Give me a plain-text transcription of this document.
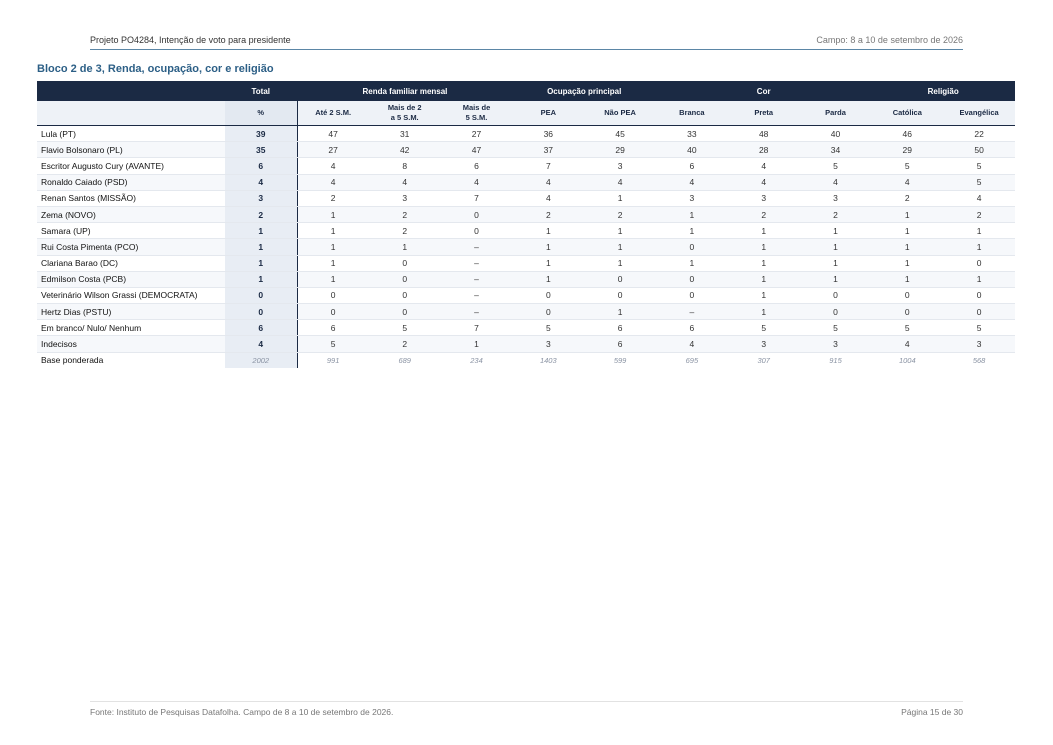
Projeto PO4284, Intenção de voto para presidente	Campo: 8 a 10 de setembro de 2026
Bloco 2 de 3, Renda, ocupação, cor e religião
	Total	Renda familiar mensal			Ocupação principal		Cor			Religião	
	%	Até 2 S.M.	Mais de 2
a 5 S.M.	Mais de
5 S.M.	PEA	Não PEA	Branca	Preta	Parda	Católica	Evangélica
Lula (PT)	39	47	31	27	36	45	33	48	40	46	22
Flavio Bolsonaro (PL)	35	27	42	47	37	29	40	28	34	29	50
Escritor Augusto Cury (AVANTE)	6	4	8	6	7	3	6	4	5	5	5
Ronaldo Caiado (PSD)	4	4	4	4	4	4	4	4	4	4	5
Renan Santos (MISSÃO)	3	2	3	7	4	1	3	3	3	2	4
Zema (NOVO)	2	1	2	0	2	2	1	2	2	1	2
Samara (UP)	1	1	2	0	1	1	1	1	1	1	1
Rui Costa Pimenta (PCO)	1	1	1	–	1	1	0	1	1	1	1
Clariana Barao (DC)	1	1	0	–	1	1	1	1	1	1	0
Edmilson Costa (PCB)	1	1	0	–	1	0	0	1	1	1	1
Veterinário Wilson Grassi (DEMOCRATA)	0	0	0	–	0	0	0	1	0	0	0
Hertz Dias (PSTU)	0	0	0	–	0	1	–	1	0	0	0
Em branco/ Nulo/ Nenhum	6	6	5	7	5	6	6	5	5	5	5
Indecisos	4	5	2	1	3	6	4	3	3	4	3
Base ponderada	2002	991	689	234	1403	599	695	307	915	1004	568
Fonte: Instituto de Pesquisas Datafolha. Campo de 8 a 10 de setembro de 2026.	Página 15 de 30
